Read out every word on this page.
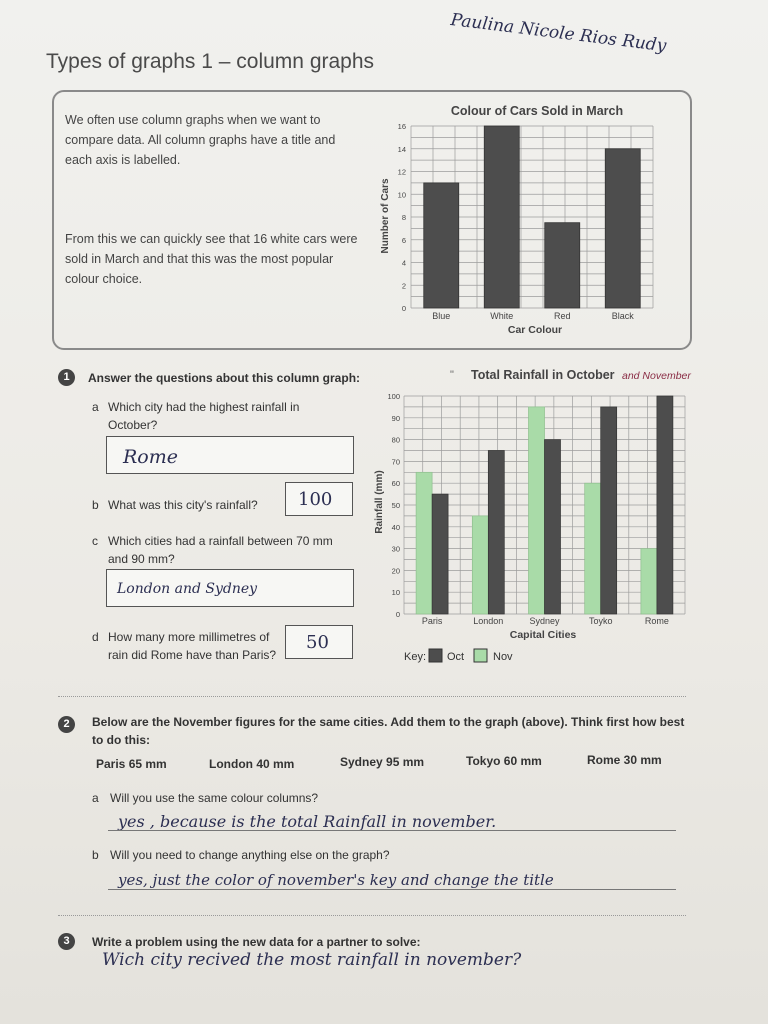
Types of graphs 1 – column graphs
Paulina Nicole Rios Rudy
We often use column graphs when we want to compare data. All column graphs have a title and each axis is labelled.
From this we can quickly see that 16 white cars were sold in March and that this was the most popular colour choice.
Colour of Cars Sold in March
0
2
4
6
8
10
12
14
16
Blue	White	Red	Black
Car Colour
Number of Cars
1	Answer the questions about this column graph:
a Which city had the highest rainfall in October?
Rome
b What was this city's rainfall? 100
c Which cities had a rainfall between 70 mm and 90 mm?
London and Sydney
d How many more millimetres of rain did Rome have than Paris?
50
" Total Rainfall in October and November
0
10
20
30
40
50
60
70
80
90
100
Paris	London	Sydney	Toyko	Rome
Capital Cities
Rainfall (mm)
Key: Oct	Nov
2	Below are the November figures for the same cities. Add them to the graph (above). Think first how best to do this:
Paris 65 mm	London 40 mm	Sydney 95 mm	Tokyo 60 mm	Rome 30 mm
a Will you use the same colour columns?
yes , because is the total Rainfall in november.
b Will you need to change anything else on the graph?
yes, just the color of november's key and change the title
3	Write a problem using the new data for a partner to solve:
Wich city recived the most rainfall in november?
